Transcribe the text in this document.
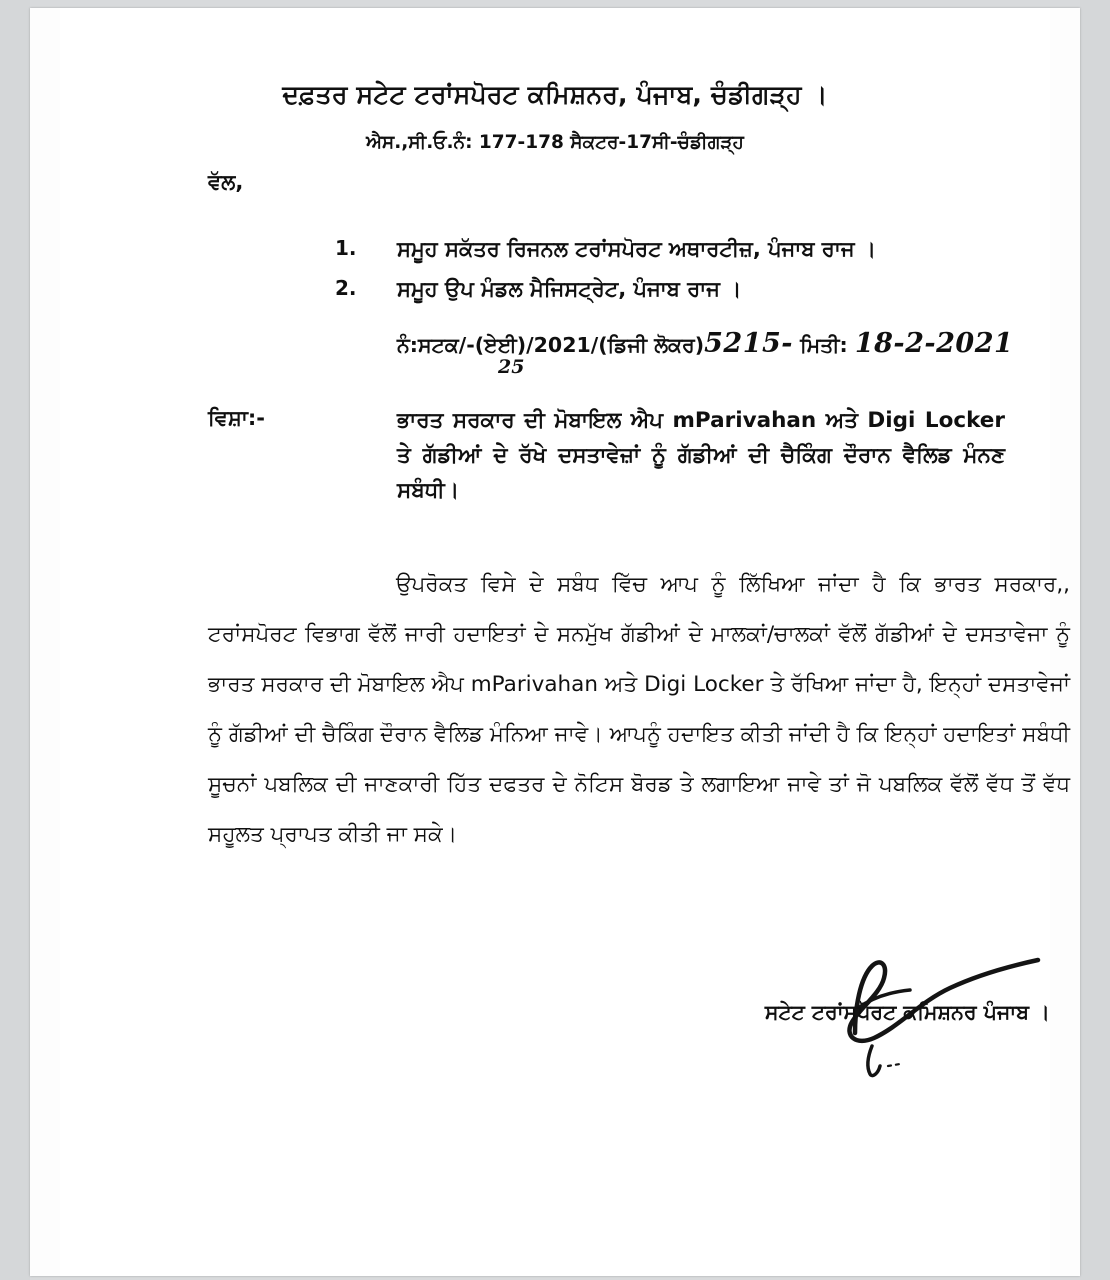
ਦਫ਼ਤਰ ਸਟੇਟ ਟਰਾਂਸਪੋਰਟ ਕਮਿਸ਼ਨਰ, ਪੰਜਾਬ, ਚੰਡੀਗੜ੍ਹ ।
ਐਸ.,ਸੀ.ਓ.ਨੰ: 177-178 ਸੈਕਟਰ-17ਸੀ-ਚੰਡੀਗੜ੍ਹ
ਵੱਲ,
1.	ਸਮੂਹ ਸਕੱਤਰ ਰਿਜਨਲ ਟਰਾਂਸਪੋਰਟ ਅਥਾਰਟੀਜ਼, ਪੰਜਾਬ ਰਾਜ ।
2.	ਸਮੂਹ ਉਪ ਮੰਡਲ ਮੈਜਿਸਟ੍ਰੇਟ, ਪੰਜਾਬ ਰਾਜ ।
ਨੰ:ਸਟਕ/-(ਏਈ)/2021/(ਡਿਜੀ ਲੋਕਰ)5215- ਮਿਤੀ: 18-2-2021
25
ਵਿਸ਼ਾ:-	ਭਾਰਤ ਸਰਕਾਰ ਦੀ ਮੋਬਾਇਲ ਐਪ mParivahan ਅਤੇ Digi Locker ਤੇ ਗੱਡੀਆਂ ਦੇ ਰੱਖੇ ਦਸਤਾਵੇਜ਼ਾਂ ਨੂੰ ਗੱਡੀਆਂ ਦੀ ਚੈਕਿੰਗ ਦੌਰਾਨ ਵੈਲਿਡ ਮੰਨਣ ਸਬੰਧੀ।
ਉਪਰੋਕਤ ਵਿਸੇ ਦੇ ਸਬੰਧ ਵਿੱਚ ਆਪ ਨੂੰ ਲਿੱਖਿਆ ਜਾਂਦਾ ਹੈ ਕਿ ਭਾਰਤ ਸਰਕਾਰ,, ਟਰਾਂਸਪੋਰਟ ਵਿਭਾਗ ਵੱਲੋਂ ਜਾਰੀ ਹਦਾਇਤਾਂ ਦੇ ਸਨਮੁੱਖ ਗੱਡੀਆਂ ਦੇ ਮਾਲਕਾਂ/ਚਾਲਕਾਂ ਵੱਲੋਂ ਗੱਡੀਆਂ ਦੇ ਦਸਤਾਵੇਜਾ ਨੂੰ ਭਾਰਤ ਸਰਕਾਰ ਦੀ ਮੋਬਾਇਲ ਐਪ mParivahan ਅਤੇ Digi Locker ਤੇ ਰੱਖਿਆ ਜਾਂਦਾ ਹੈ, ਇਨ੍ਹਾਂ ਦਸਤਾਵੇਜਾਂ ਨੂੰ ਗੱਡੀਆਂ ਦੀ ਚੈਕਿੰਗ ਦੌਰਾਨ ਵੈਲਿਡ ਮੰਨਿਆ ਜਾਵੇ। ਆਪਨੂੰ ਹਦਾਇਤ ਕੀਤੀ ਜਾਂਦੀ ਹੈ ਕਿ ਇਨ੍ਹਾਂ ਹਦਾਇਤਾਂ ਸਬੰਧੀ ਸੂਚਨਾਂ ਪਬਲਿਕ ਦੀ ਜਾਣਕਾਰੀ ਹਿੱਤ ਦਫਤਰ ਦੇ ਨੋਟਿਸ ਬੋਰਡ ਤੇ ਲਗਾਇਆ ਜਾਵੇ ਤਾਂ ਜੋ ਪਬਲਿਕ ਵੱਲੋਂ ਵੱਧ ਤੋਂ ਵੱਧ ਸਹੂਲਤ ਪ੍ਰਾਪਤ ਕੀਤੀ ਜਾ ਸਕੇ।
ਸਟੇਟ ਟਰਾਂਸਪੋਰਟ ਕਮਿਸ਼ਨਰ ਪੰਜਾਬ ।
